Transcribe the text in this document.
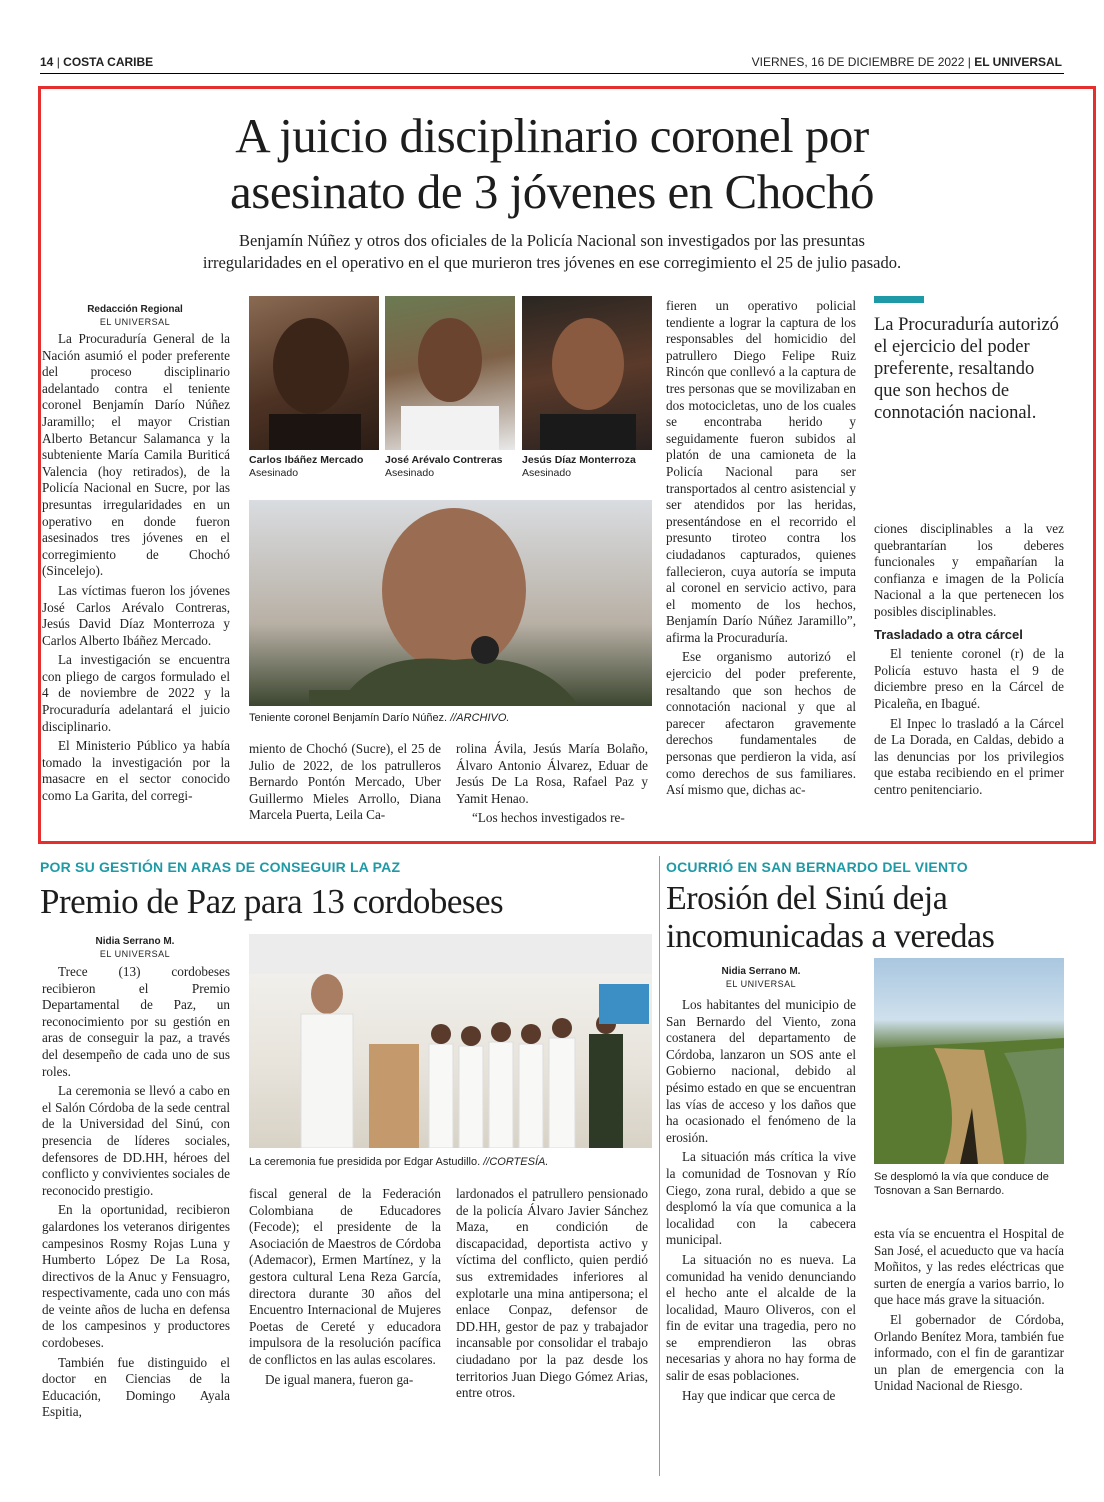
14 | COSTA CARIBE	VIERNES, 16 DE DICIEMBRE DE 2022 | EL UNIVERSAL
A juicio disciplinario coronel por
asesinato de 3 jóvenes en Chochó
Benjamín Núñez y otros dos oficiales de la Policía Nacional son investigados por las presuntas
irregularidades en el operativo en el que murieron tres jóvenes en ese corregimiento el 25 de julio pasado.
Redacción Regional
EL UNIVERSAL

La Procuraduría General de la Nación asumió el poder preferente del proceso disciplinario adelantado contra el teniente coronel Benjamín Darío Núñez Jaramillo; el mayor Cristian Alberto Betancur Salamanca y la subteniente María Camila Buriticá Valencia (hoy retirados), de la Policía Nacional en Sucre, por las presuntas irregularidades en un operativo en donde fueron asesinados tres jóvenes en el corregimiento de Chochó (Sincelejo).

Las víctimas fueron los jóvenes José Carlos Arévalo Contreras, Jesús David Díaz Monterroza y Carlos Alberto Ibáñez Mercado.

La investigación se encuentra con pliego de cargos formulado el 4 de noviembre de 2022 y la Procuraduría adelantará el juicio disciplinario.

El Ministerio Público ya había tomado la investigación por la masacre en el sector conocido como La Garita, del corregi-

Carlos Ibáñez Mercado
Asesinado
José Arévalo Contreras
Asesinado
Jesús Díaz Monterroza
Asesinado
Teniente coronel Benjamín Darío Núñez. //ARCHIVO.

miento de Chochó (Sucre), el 25 de Julio de 2022, de los patrulleros Bernardo Pontón Mercado, Uber Guillermo Mieles Arrollo, Diana Marcela Puerta, Leila Ca-

rolina Ávila, Jesús María Bolaño, Álvaro Antonio Álvarez, Eduar de Jesús De La Rosa, Rafael Paz y Yamit Henao.

“Los hechos investigados re-

fieren un operativo policial tendiente a lograr la captura de los responsables del homicidio del patrullero Diego Felipe Ruiz Rincón que conllevó a la captura de tres personas que se movilizaban en dos motocicletas, uno de los cuales se encontraba herido y seguidamente fueron subidos al platón de una camioneta de la Policía Nacional para ser transportados al centro asistencial y ser atendidos por las heridas, presentándose en el recorrido el presunto tiroteo contra los ciudadanos capturados, quienes fallecieron, cuya autoría se imputa al coronel en servicio activo, para el momento de los hechos, Benjamín Darío Núñez Jaramillo”, afirma la Procuraduría.

Ese organismo autorizó el ejercicio del poder preferente, resaltando que son hechos de connotación nacional y que al parecer afectaron gravemente derechos fundamentales de personas que perdieron la vida, así como derechos de sus familiares. Así mismo que, dichas ac-

La Procuraduría autorizó el ejercicio del poder preferente, resaltando que son hechos de connotación nacional.

ciones disciplinables a la vez quebrantarían los deberes funcionales y empañarían la confianza e imagen de la Policía Nacional a la que pertenecen los posibles disciplinables.

Trasladado a otra cárcel

El teniente coronel (r) de la Policía estuvo hasta el 9 de diciembre preso en la Cárcel de Picaleña, en Ibagué.

El Inpec lo trasladó a la Cárcel de La Dorada, en Caldas, debido a las denuncias por los privilegios que estaba recibiendo en el primer centro penitenciario.

POR SU GESTIÓN EN ARAS DE CONSEGUIR LA PAZ
Premio de Paz para 13 cordobeses
Nidia Serrano M.
EL UNIVERSAL

Trece (13) cordobeses recibieron el Premio Departamental de Paz, un reconocimiento por su gestión en aras de conseguir la paz, a través del desempeño de cada uno de sus roles.

La ceremonia se llevó a cabo en el Salón Córdoba de la sede central de la Universidad del Sinú, con presencia de líderes sociales, defensores de DD.HH, héroes del conflicto y convivientes sociales de reconocido prestigio.

En la oportunidad, recibieron galardones los veteranos dirigentes campesinos Rosmy Rojas Luna y Humberto López De La Rosa, directivos de la Anuc y Fensuagro, respectivamente, cada uno con más de veinte años de lucha en defensa de los campesinos y productores cordobeses.

También fue distinguido el doctor en Ciencias de la Educación, Domingo Ayala Espitia,

La ceremonia fue presidida por Edgar Astudillo. //CORTESÍA.

fiscal general de la Federación Colombiana de Educadores (Fecode); el presidente de la Asociación de Maestros de Córdoba (Ademacor), Ermen Martínez, y la gestora cultural Lena Reza García, directora durante 30 años del Encuentro Internacional de Mujeres Poetas de Cereté y educadora impulsora de la resolución pacífica de conflictos en las aulas escolares.

De igual manera, fueron ga-

lardonados el patrullero pensionado de la policía Álvaro Javier Sánchez Maza, en condición de discapacidad, deportista activo y víctima del conflicto, quien perdió sus extremidades inferiores al explotarle una mina antipersona; el enlace Conpaz, defensor de DD.HH, gestor de paz y trabajador incansable por consolidar el trabajo ciudadano por la paz desde los territorios Juan Diego Gómez Arias, entre otros.

OCURRIÓ EN SAN BERNARDO DEL VIENTO
Erosión del Sinú deja
incomunicadas a veredas
Nidia Serrano M.
EL UNIVERSAL

Los habitantes del municipio de San Bernardo del Viento, zona costanera del departamento de Córdoba, lanzaron un SOS ante el Gobierno nacional, debido al pésimo estado en que se encuentran las vías de acceso y los daños que ha ocasionado el fenómeno de la erosión.

La situación más crítica la vive la comunidad de Tosnovan y Río Ciego, zona rural, debido a que se desplomó la vía que comunica a la localidad con la cabecera municipal.

La situación no es nueva. La comunidad ha venido denunciando el hecho ante el alcalde de la localidad, Mauro Oliveros, con el fin de evitar una tragedia, pero no se emprendieron las obras necesarias y ahora no hay forma de salir de esas poblaciones.

Hay que indicar que cerca de

Se desplomó la vía que conduce de Tosnovan a San Bernardo.

esta vía se encuentra el Hospital de San José, el acueducto que va hacía Moñitos, y las redes eléctricas que surten de energía a varios barrio, lo que hace más grave la situación.

El gobernador de Córdoba, Orlando Benítez Mora, también fue informado, con el fin de garantizar un plan de emergencia con la Unidad Nacional de Riesgo.
